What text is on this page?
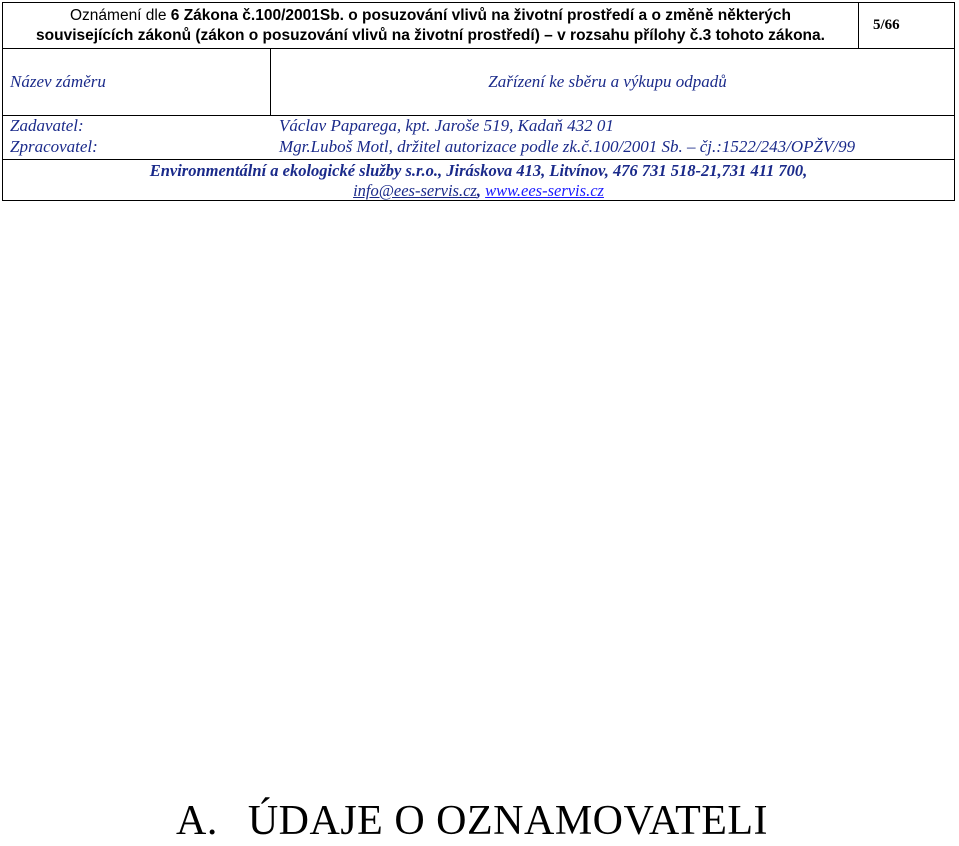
Oznámení dle 6 Zákona č.100/2001Sb. o posuzování vlivů na životní prostředí a o změně některých
souvisejících zákonů (zákon o posuzování vlivů na životní prostředí) – v rozsahu přílohy č.3 tohoto zákona.
5/66
Název záměru	Zařízení ke sběru a výkupu odpadů
Zadavatel:	Václav Paparega, kpt. Jaroše 519, Kadaň 432 01
Zpracovatel:	Mgr.Luboš Motl, držitel autorizace podle zk.č.100/2001 Sb. – čj.:1522/243/OPŽV/99
Environmentální a ekologické služby s.r.o., Jiráskova 413, Litvínov, 476 731 518-21,731 411 700,
info@ees-servis.cz, www.ees-servis.cz
A. ÚDAJE O OZNAMOVATELI
